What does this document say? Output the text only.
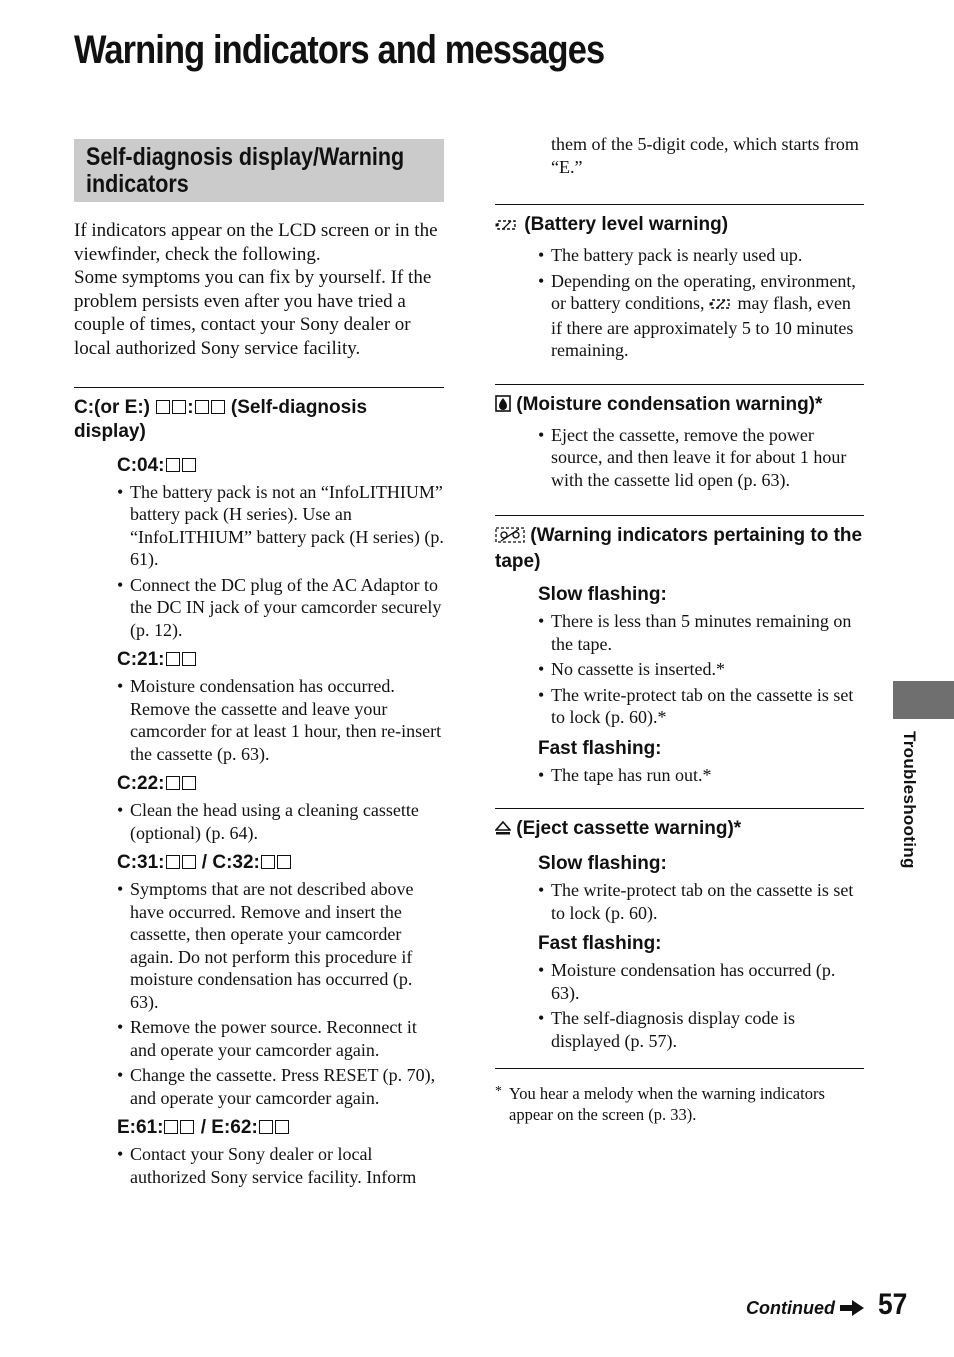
Warning indicators and messages
Self-diagnosis display/Warning indicators

If indicators appear on the LCD screen or in the viewfinder, check the following.

Some symptoms you can fix by yourself. If the problem persists even after you have tried a couple of times, contact your Sony dealer or local authorized Sony service facility.

C:(or E:) : (Self-diagnosis display)

C:04:

• The battery pack is not an “InfoLITHIUM” battery pack (H series). Use an “InfoLITHIUM” battery pack (H series) (p. 61).
• Connect the DC plug of the AC Adaptor to the DC IN jack of your camcorder securely (p. 12).

C:21:

• Moisture condensation has occurred. Remove the cassette and leave your camcorder for at least 1 hour, then re-insert the cassette (p. 63).

C:22:

• Clean the head using a cleaning cassette (optional) (p. 64).

C:31: / C:32:

• Symptoms that are not described above have occurred. Remove and insert the cassette, then operate your camcorder again. Do not perform this procedure if moisture condensation has occurred (p. 63).
• Remove the power source. Reconnect it and operate your camcorder again.
• Change the cassette. Press RESET (p. 70), and operate your camcorder again.

E:61: / E:62:

• Contact your Sony dealer or local authorized Sony service facility. Inform

them of the 5-digit code, which starts from “E.”

(Battery level warning)

• The battery pack is nearly used up.
• Depending on the operating, environment, or battery conditions, may flash, even if there are approximately 5 to 10 minutes remaining.

(Moisture condensation warning)*

• Eject the cassette, remove the power source, and then leave it for about 1 hour with the cassette lid open (p. 63).

(Warning indicators pertaining to the tape)

Slow flashing:

• There is less than 5 minutes remaining on the tape.
• No cassette is inserted.*
• The write-protect tab on the cassette is set to lock (p. 60).*

Fast flashing:

• The tape has run out.*

(Eject cassette warning)*

Slow flashing:

• The write-protect tab on the cassette is set to lock (p. 60).

Fast flashing:

• Moisture condensation has occurred (p. 63).
• The self-diagnosis display code is displayed (p. 57).

* You hear a melody when the warning indicators appear on the screen (p. 33).

Troubleshooting
Continued 57
